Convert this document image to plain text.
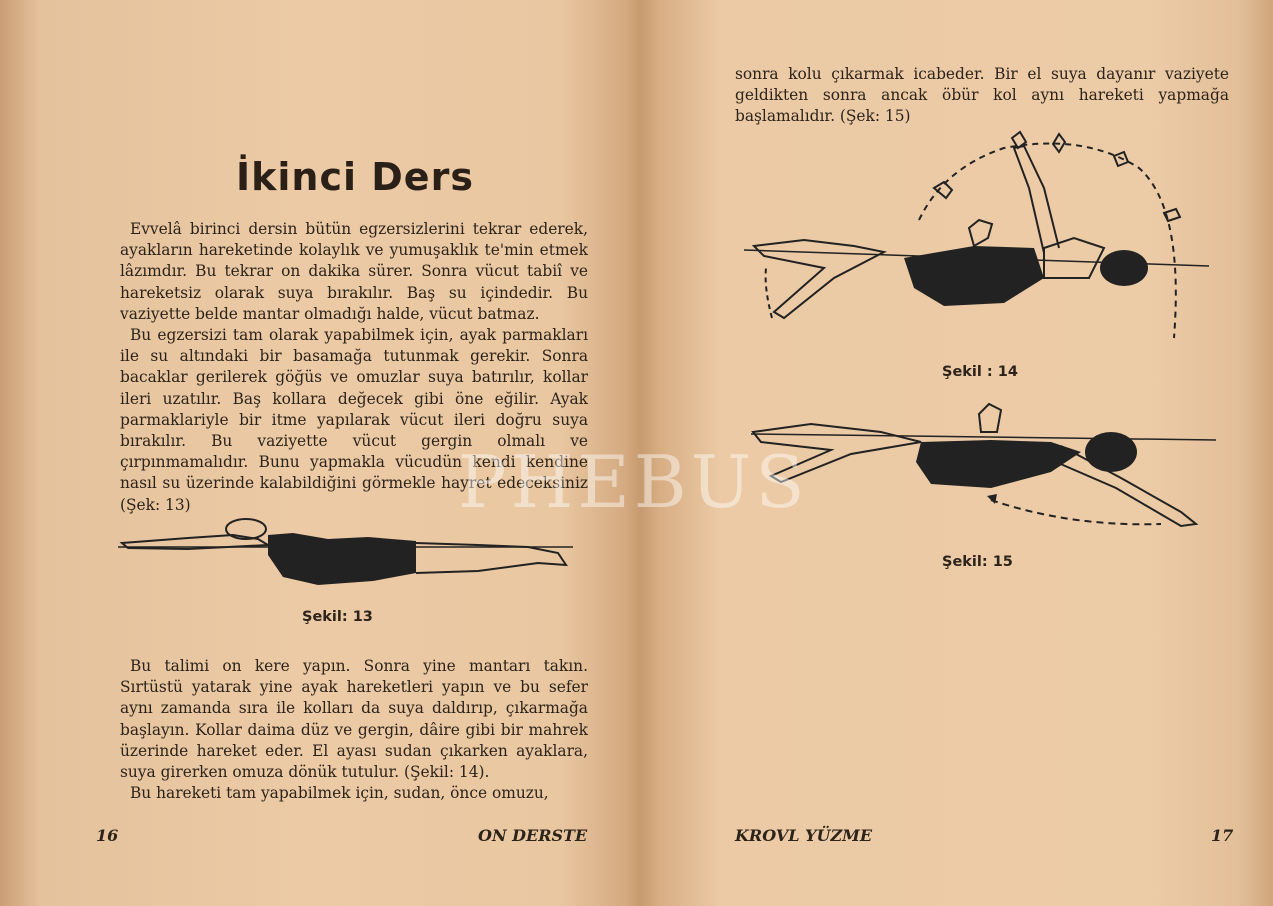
İkinci Ders
Evvelâ birinci dersin bütün egzersizlerini tekrar ederek, ayakların hareketinde kolaylık ve yumuşaklık te'min etmek lâzımdır. Bu tekrar on dakika sürer. Sonra vücut tabiî ve hareketsiz olarak suya bırakılır. Baş su içindedir. Bu vaziyette belde mantar olmadığı halde, vücut batmaz.
Bu egzersizi tam olarak yapabilmek için, ayak parmakları ile su altındaki bir basamağa tutunmak gerekir. Sonra bacaklar gerilerek göğüs ve omuzlar suya batırılır, kollar ileri uzatılır. Baş kollara değecek gibi öne eğilir. Ayak parmaklariyle bir itme yapılarak vücut ileri doğru suya bırakılır. Bu vaziyette vücut gergin olmalı ve çırpınmamalıdır. Bunu yapmakla vücudün kendi kendine nasıl su üzerinde kalabildiğini görmekle hayret edeceksiniz (Şek: 13)
Şekil: 13
Bu talimi on kere yapın. Sonra yine mantarı takın. Sırtüstü yatarak yine ayak hareketleri yapın ve bu sefer aynı zamanda sıra ile kolları da suya daldırıp, çıkarmağa başlayın. Kollar daima düz ve gergin, dâire gibi bir mahrek üzerinde hareket eder. El ayası sudan çıkarken ayaklara, suya girerken omuza dönük tutulur. (Şekil: 14).
Bu hareketi tam yapabilmek için, sudan, önce omuzu,
16	ON DERSTE
sonra kolu çıkarmak icabeder. Bir el suya dayanır vaziyete geldikten sonra ancak öbür kol aynı hareketi yapmağa başlamalıdır. (Şek: 15)
Şekil : 14
Şekil: 15
KROVL YÜZME	17
PHEBUS
